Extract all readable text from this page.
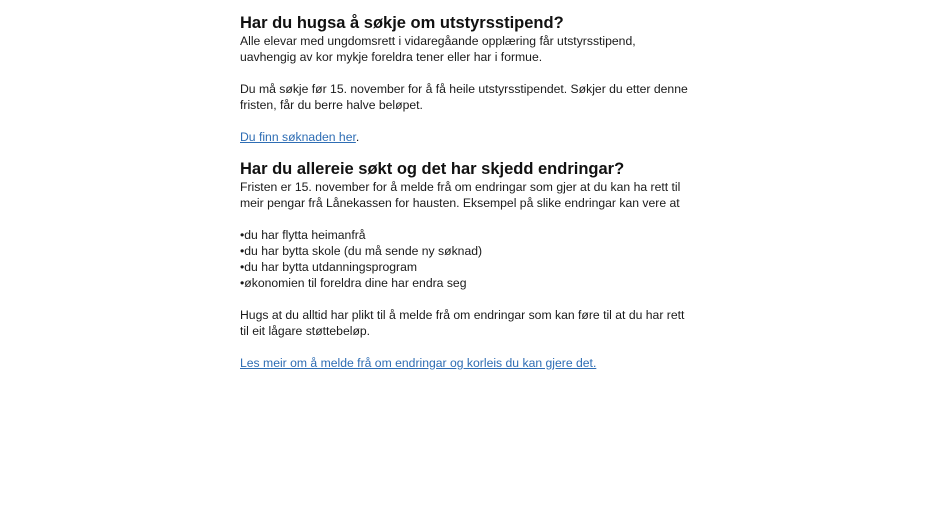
Har du hugsa å søkje om utstyrsstipend?

Alle elevar med ungdomsrett i vidaregåande opplæring får utstyrsstipend, uavhengig av kor mykje foreldra tener eller har i formue.

Du må søkje før 15. november for å få heile utstyrsstipendet. Søkjer du etter denne fristen, får du berre halve beløpet.

Du finn søknaden her.

Har du allereie søkt og det har skjedd endringar?

Fristen er 15. november for å melde frå om endringar som gjer at du kan ha rett til meir pengar frå Lånekassen for hausten. Eksempel på slike endringar kan vere at

• du har flytta heimanfrå
• du har bytta skole (du må sende ny søknad)
• du har bytta utdanningsprogram
• økonomien til foreldra dine har endra seg

Hugs at du alltid har plikt til å melde frå om endringar som kan føre til at du har rett til eit lågare støttebeløp.

Les meir om å melde frå om endringar og korleis du kan gjere det.
